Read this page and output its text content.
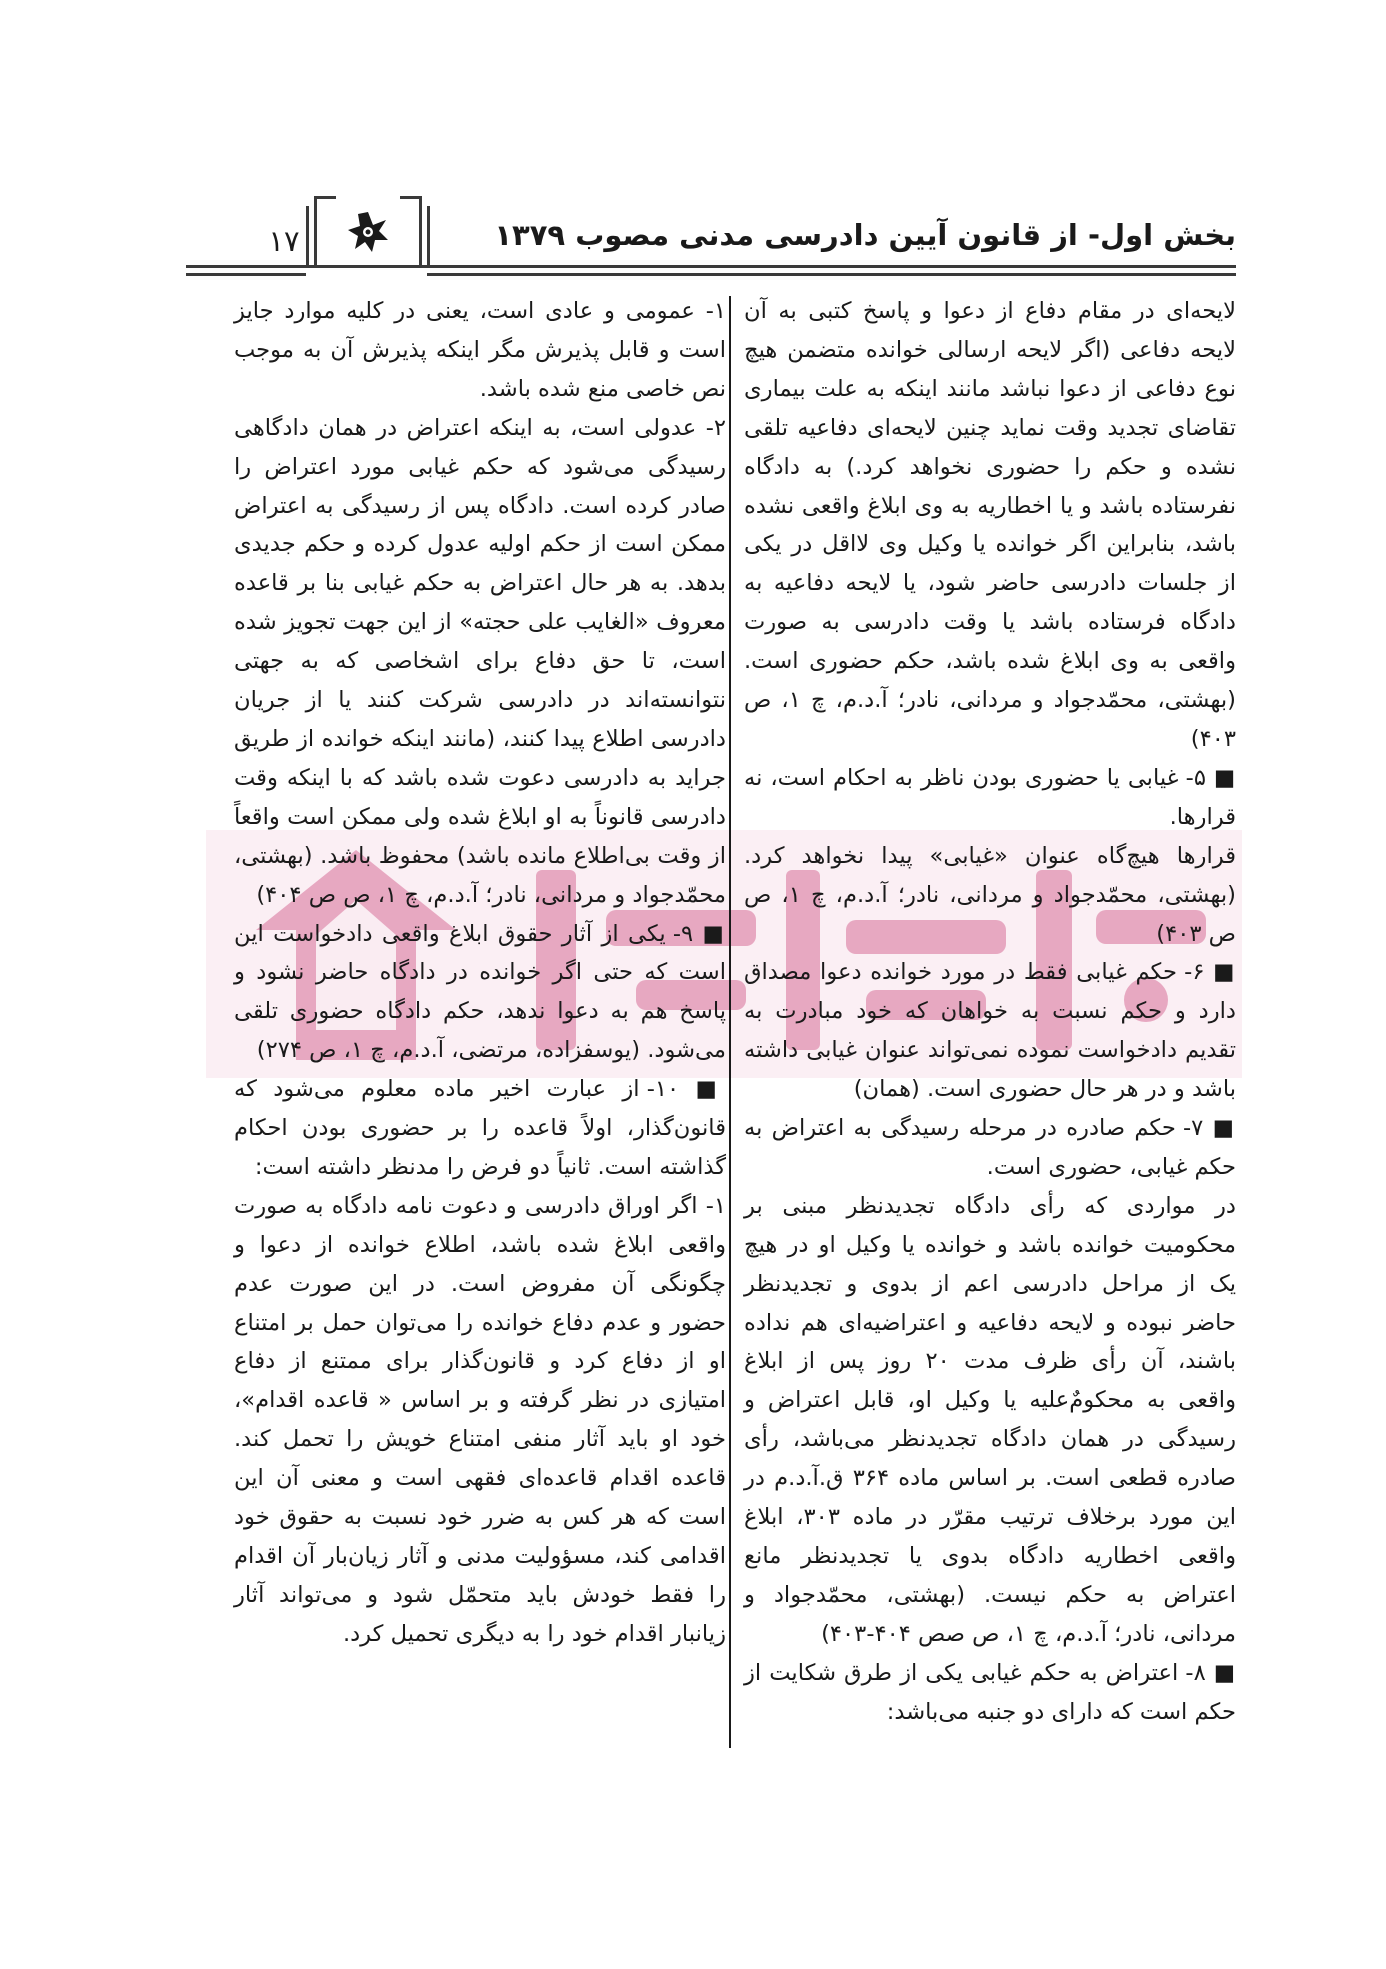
۱۷	بخش اول- از قانون آیین دادرسی مدنی مصوب ۱۳۷۹

لایحه‌ای در مقام دفاع از دعوا و پاسخ کتبی به آن لایحه دفاعی (اگر لایحه ارسالی خوانده متضمن هیچ نوع دفاعی از دعوا نباشد مانند اینکه به علت بیماری تقاضای تجدید وقت نماید چنین لایحه‌ای دفاعیه تلقی نشده و حکم را حضوری نخواهد کرد.) به دادگاه نفرستاده باشد و یا اخطاریه به وی ابلاغ واقعی نشده باشد، بنابراین اگر خوانده یا وکیل وی لااقل در یکی از جلسات دادرسی حاضر شود، یا لایحه دفاعیه به دادگاه فرستاده باشد یا وقت دادرسی به صورت واقعی به وی ابلاغ شده باشد، حکم حضوری است. (بهشتی، محمّدجواد و مردانی، نادر؛ آ.د.م، چ ۱، ص ۴۰۳)

■ ۵- غیابی یا حضوری بودن ناظر به احکام است، نه قرارها.

قرارها هیچ‌گاه عنوان «غیابی» پیدا نخواهد کرد. (بهشتی، محمّدجواد و مردانی، نادر؛ آ.د.م، چ ۱، ص ص ۴۰۳)

■ ۶- حکم غیابی فقط در مورد خوانده دعوا مصداق دارد و حکم نسبت به خواهان که خود مبادرت به تقدیم دادخواست نموده نمی‌تواند عنوان غیابی داشته باشد و در هر حال حضوری است. (همان)

■ ۷- حکم صادره در مرحله رسیدگی به اعتراض به حکم غیابی، حضوری است.

در مواردی که رأی دادگاه تجدیدنظر مبنی بر محکومیت خوانده باشد و خوانده یا وکیل او در هیچ یک از مراحل دادرسی اعم از بدوی و تجدیدنظر حاضر نبوده و لایحه دفاعیه و اعتراضیه‌ای هم نداده باشند، آن رأی ظرف مدت ۲۰ روز پس از ابلاغ واقعی به محکومٌ‌علیه یا وکیل او، قابل اعتراض و رسیدگی در همان دادگاه تجدیدنظر می‌باشد، رأی صادره قطعی است. بر اساس ماده ۳۶۴ ق.آ.د.م در این مورد برخلاف ترتیب مقرّر در ماده ۳۰۳، ابلاغ واقعی اخطاریه دادگاه بدوی یا تجدیدنظر مانع اعتراض به حکم نیست. (بهشتی، محمّدجواد و مردانی، نادر؛ آ.د.م، چ ۱، ص صص ۴۰۴-۴۰۳)

■ ۸- اعتراض به حکم غیابی یکی از طرق شکایت از حکم است که دارای دو جنبه می‌باشد:

۱- عمومی و عادی است، یعنی در کلیه موارد جایز است و قابل پذیرش مگر اینکه پذیرش آن به موجب نص خاصی منع شده باشد.

۲- عدولی است، به اینکه اعتراض در همان دادگاهی رسیدگی می‌شود که حکم غیابی مورد اعتراض را صادر کرده است. دادگاه پس از رسیدگی به اعتراض ممکن است از حکم اولیه عدول کرده و حکم جدیدی بدهد. به هر حال اعتراض به حکم غیابی بنا بر قاعده معروف «الغایب علی حجته» از این جهت تجویز شده است، تا حق دفاع برای اشخاصی که به جهتی نتوانسته‌اند در دادرسی شرکت کنند یا از جریان دادرسی اطلاع پیدا کنند، (مانند اینکه خوانده از طریق جراید به دادرسی دعوت شده باشد که با اینکه وقت دادرسی قانوناً به او ابلاغ شده ولی ممکن است واقعاً از وقت بی‌اطلاع مانده باشد) محفوظ باشد. (بهشتی، محمّدجواد و مردانی، نادر؛ آ.د.م، چ ۱، ص ص ۴۰۴)

■ ۹- یکی از آثار حقوق ابلاغ واقعی دادخواست این است که حتی اگر خوانده در دادگاه حاضر نشود و پاسخ هم به دعوا ندهد، حکم دادگاه حضوری تلقی می‌شود. (یوسفزاده، مرتضی، آ.د.م، چ ۱، ص ۲۷۴)

■ ۱۰- از عبارت اخیر ماده معلوم می‌شود که قانون‌گذار، اولاً قاعده را بر حضوری بودن احکام گذاشته است. ثانیاً دو فرض را مدنظر داشته است:

۱- اگر اوراق دادرسی و دعوت نامه دادگاه به صورت واقعی ابلاغ شده باشد، اطلاع خوانده از دعوا و چگونگی آن مفروض است. در این صورت عدم حضور و عدم دفاع خوانده را می‌توان حمل بر امتناع او از دفاع کرد و قانون‌گذار برای ممتنع از دفاع امتیازی در نظر گرفته و بر اساس « قاعده اقدام»، خود او باید آثار منفی امتناع خویش را تحمل کند. قاعده اقدام قاعده‌ای فقهی است و معنی آن این است که هر کس به ضرر خود نسبت به حقوق خود اقدامی کند، مسؤولیت مدنی و آثار زیان‌بار آن اقدام را فقط خودش باید متحمّل شود و می‌تواند آثار زیانبار اقدام خود را به دیگری تحمیل کرد.
